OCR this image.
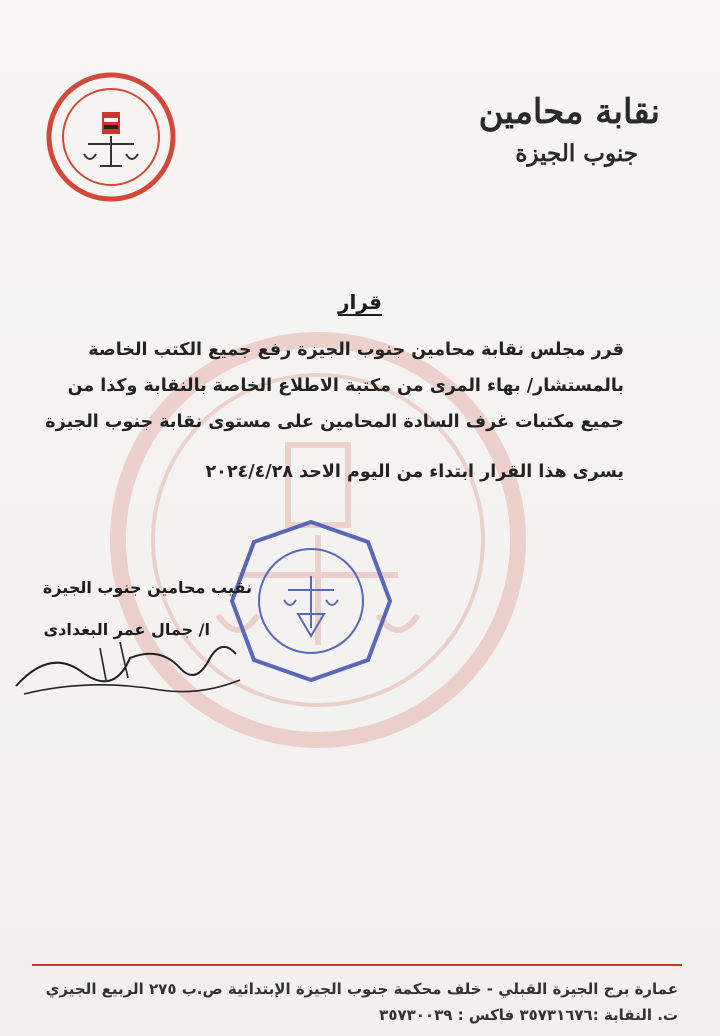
نقابة محامين
جنوب الجيزة
قرار
قرر مجلس نقابة محامين جنوب الجيزة رفع جميع الكتب الخاصة
بالمستشار/ بهاء المرى من مكتبة الاطلاع الخاصة بالنقابة وكذا من
جميع مكتبات غرف السادة المحامين على مستوى نقابة جنوب الجيزة
يسرى هذا القرار ابتداء من اليوم الاحد ٢٠٢٤/٤/٢٨
نقيب محامين جنوب الجيزة
ا/ جمال عمر البغدادى
عمارة برج الجيزة القبلي - خلف محكمة جنوب الجيزة الإبتدائية ص.ب ٢٧٥ الربيع الجيزي
ت. النقابة :٣٥٧٣١٦٧٦ فاكس : ٣٥٧٣٠٠٣٩
